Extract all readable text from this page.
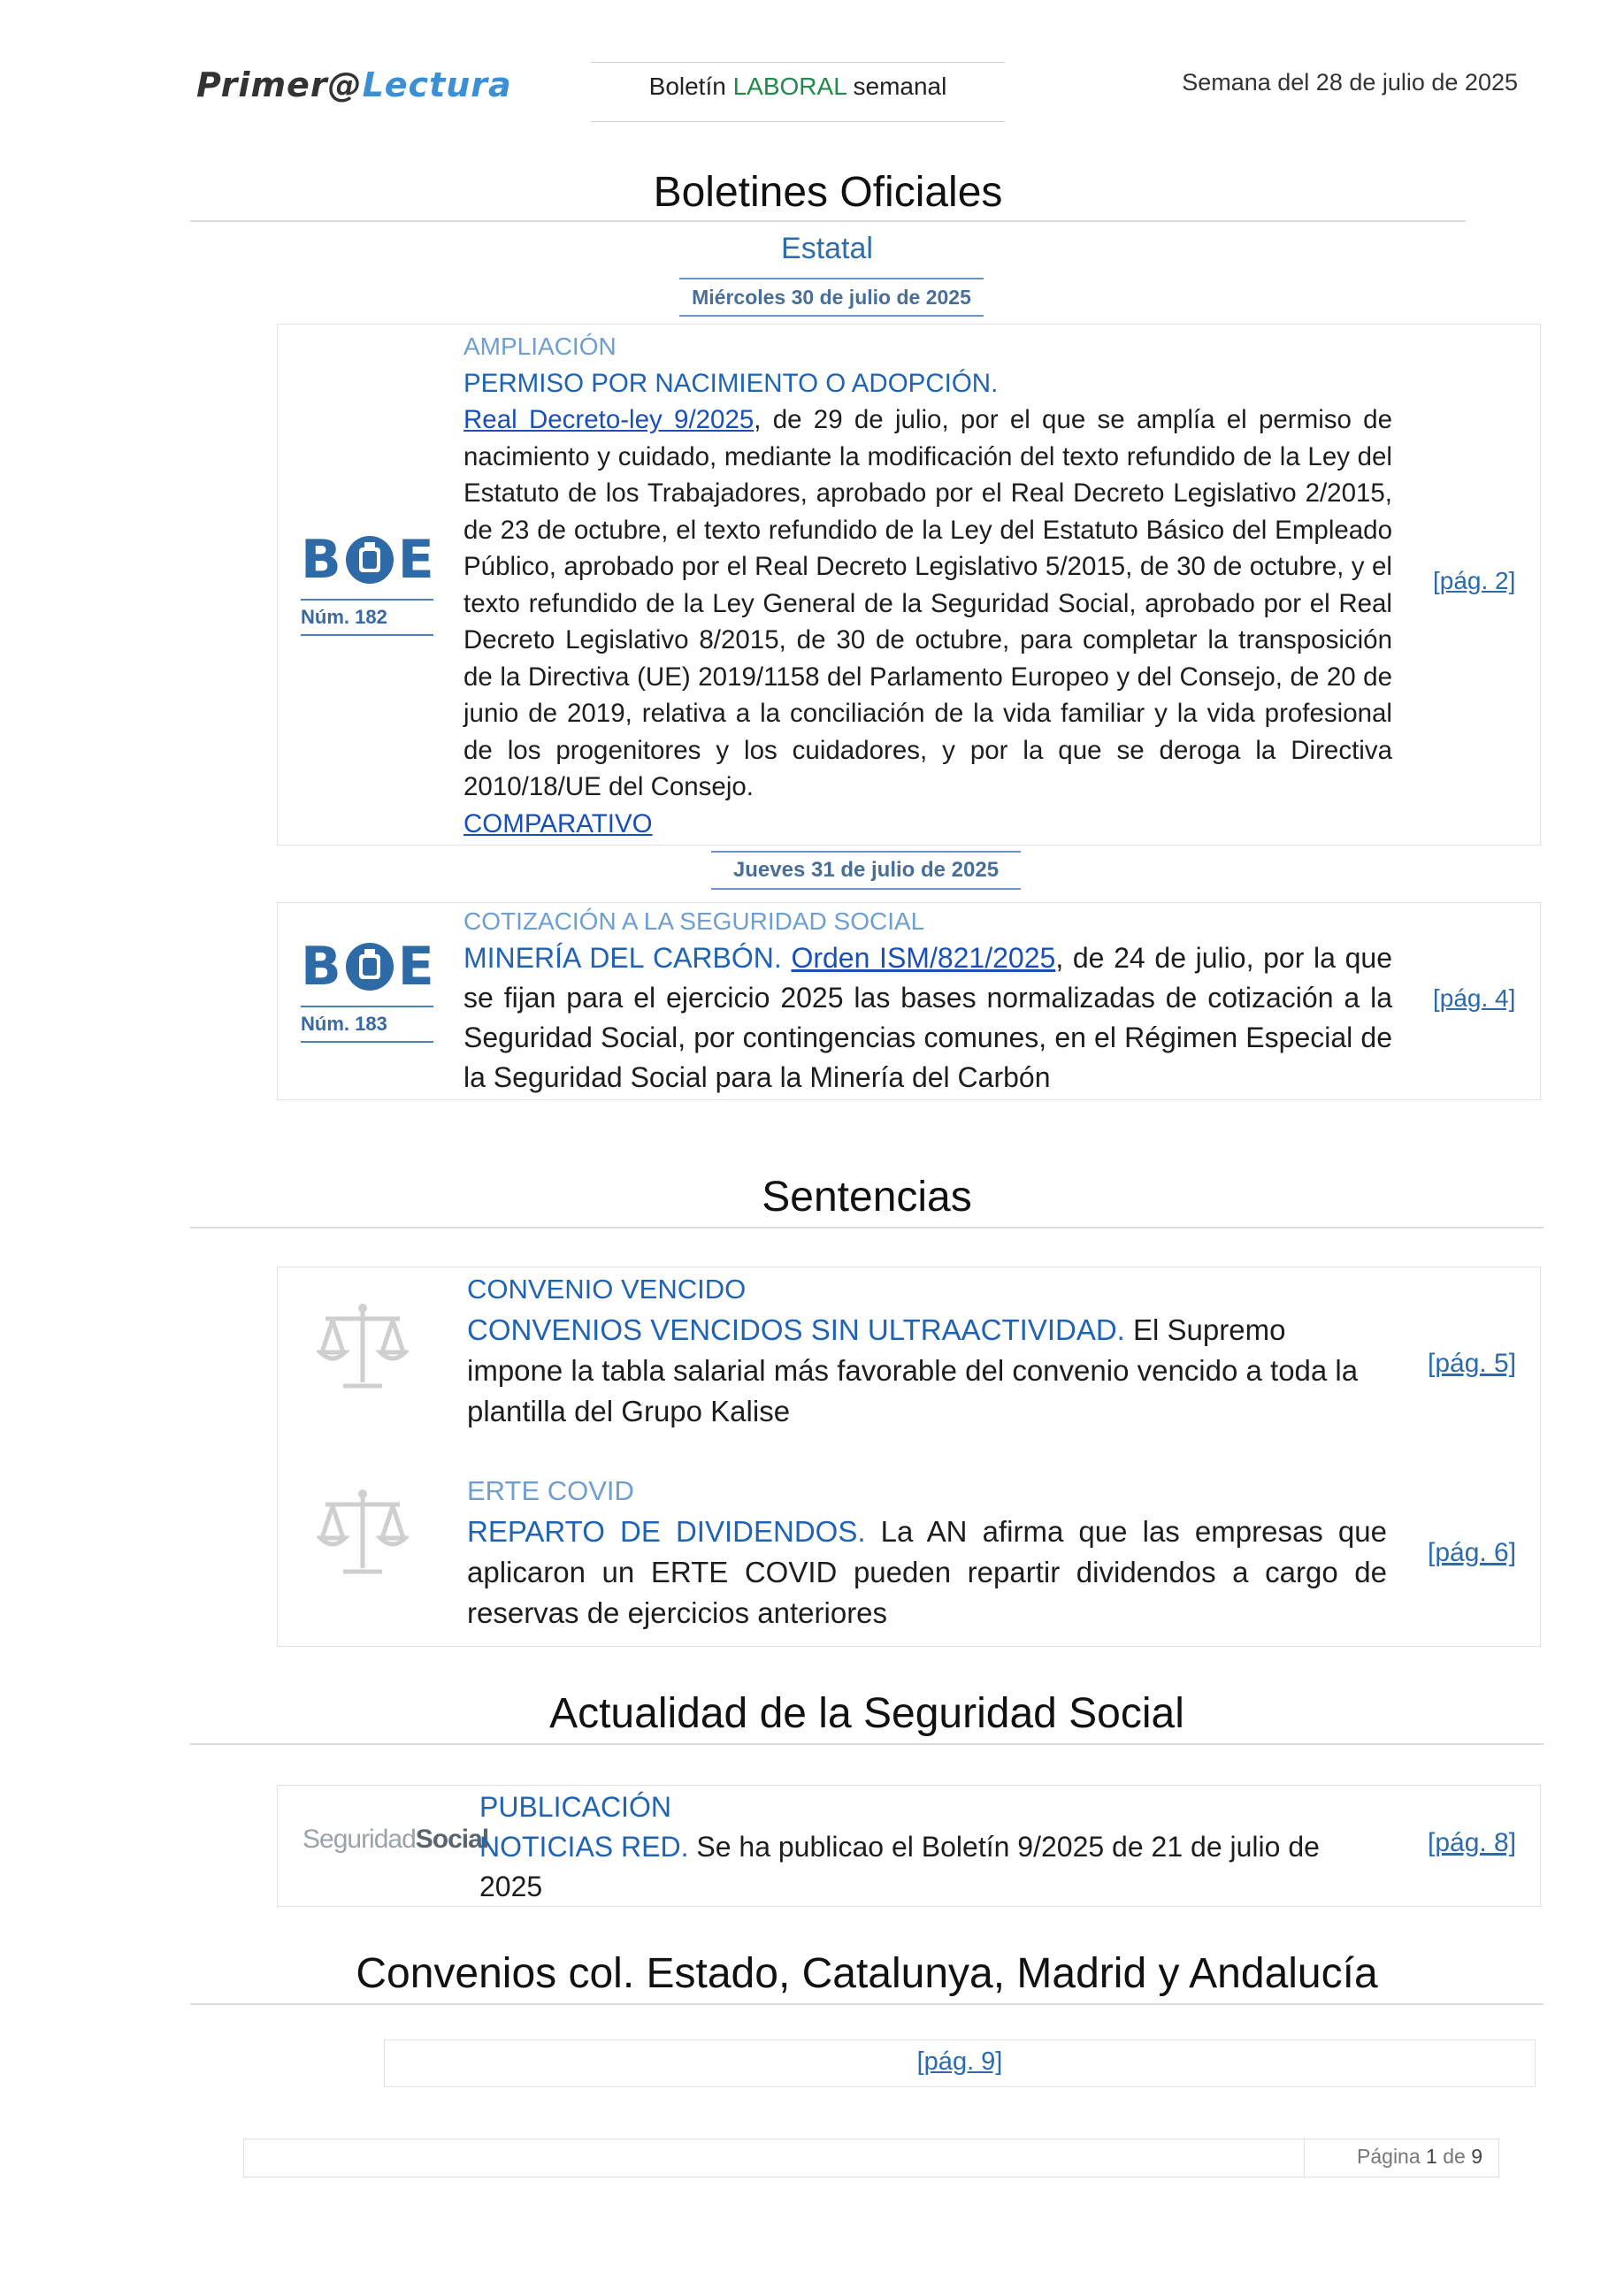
Primer@Lectura	Boletín LABORAL semanal	Semana del 28 de julio de 2025
Boletines Oficiales
Estatal
Miércoles 30 de julio de 2025
B E
Núm. 182
AMPLIACIÓN
PERMISO POR NACIMIENTO O ADOPCIÓN.
Real Decreto-ley 9/2025, de 29 de julio, por el que se amplía el permiso de nacimiento y cuidado, mediante la modificación del texto refundido de la Ley del Estatuto de los Trabajadores, aprobado por el Real Decreto Legislativo 2/2015, de 23 de octubre, el texto refundido de la Ley del Estatuto Básico del Empleado Público, aprobado por el Real Decreto Legislativo 5/2015, de 30 de octubre, y el texto refundido de la Ley General de la Seguridad Social, aprobado por el Real Decreto Legislativo 8/2015, de 30 de octubre, para completar la transposición de la Directiva (UE) 2019/1158 del Parlamento Europeo y del Consejo, de 20 de junio de 2019, relativa a la conciliación de la vida familiar y la vida profesional de los progenitores y los cuidadores, y por la que se deroga la Directiva 2010/18/UE del Consejo.
COMPARATIVO
[pág. 2]
Jueves 31 de julio de 2025
B E
Núm. 183
COTIZACIÓN A LA SEGURIDAD SOCIAL
MINERÍA DEL CARBÓN. Orden ISM/821/2025, de 24 de julio, por la que se fijan para el ejercicio 2025 las bases normalizadas de cotización a la Seguridad Social, por contingencias comunes, en el Régimen Especial de la Seguridad Social para la Minería del Carbón
[pág. 4]
Sentencias
CONVENIO VENCIDO
CONVENIOS VENCIDOS SIN ULTRAACTIVIDAD. El Supremo impone la tabla salarial más favorable del convenio vencido a toda la plantilla del Grupo Kalise
[pág. 5]
ERTE COVID
REPARTO DE DIVIDENDOS. La AN afirma que las empresas que aplicaron un ERTE COVID pueden repartir dividendos a cargo de reservas de ejercicios anteriores
[pág. 6]
Actualidad de la Seguridad Social
SeguridadSocial
PUBLICACIÓN
NOTICIAS RED. Se ha publicao el Boletín 9/2025 de 21 de julio de 2025
[pág. 8]
Convenios col. Estado, Catalunya, Madrid y Andalucía
[pág. 9]
Página 1 de 9
